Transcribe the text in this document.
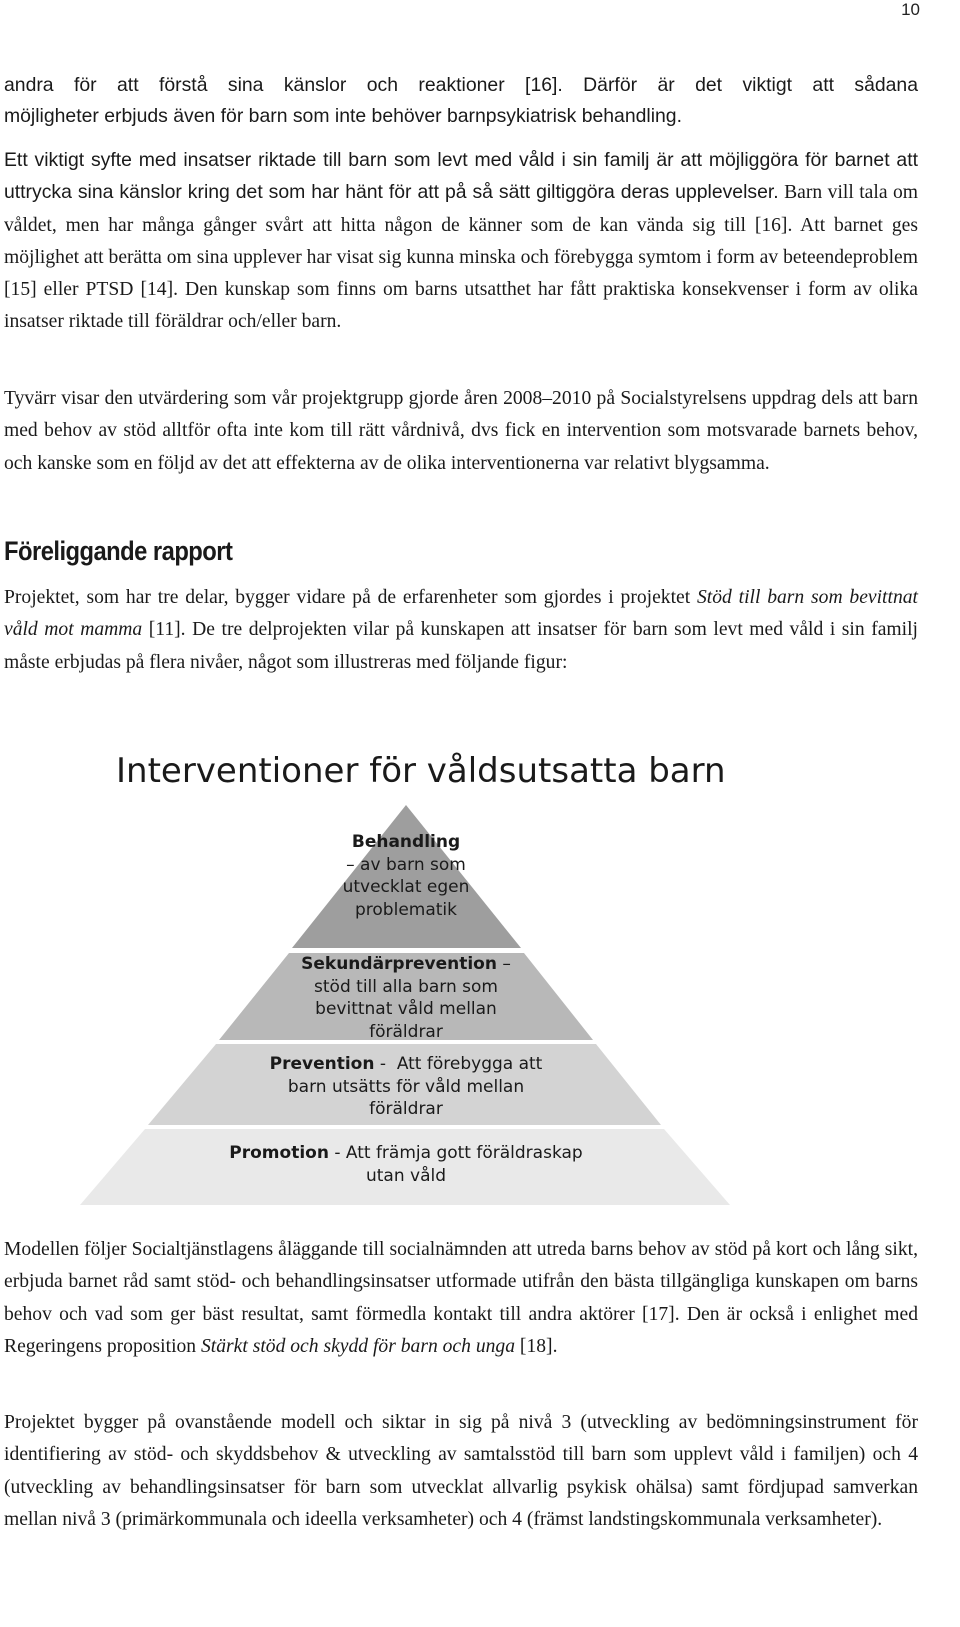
10

andra för att förstå sina känslor och reaktioner [16]. Därför är det viktigt att sådana

möjligheter erbjuds även för barn som inte behöver barnpsykiatrisk behandling.

Ett viktigt syfte med insatser riktade till barn som levt med våld i sin familj är att möjliggöra för barnet att uttrycka sina känslor kring det som har hänt för att på så sätt giltiggöra deras upplevelser. Barn vill tala om våldet, men har många gånger svårt att hitta någon de känner som de kan vända sig till [16]. Att barnet ges möjlighet att berätta om sina upplever har visat sig kunna minska och förebygga symtom i form av beteendeproblem [15] eller PTSD [14]. Den kunskap som finns om barns utsatthet har fått praktiska konsekvenser i form av olika insatser riktade till föräldrar och/eller barn.

Tyvärr visar den utvärdering som vår projektgrupp gjorde åren 2008–2010 på Socialstyrelsens uppdrag dels att barn med behov av stöd alltför ofta inte kom till rätt vårdnivå, dvs fick en intervention som motsvarade barnets behov, och kanske som en följd av det att effekterna av de olika interventionerna var relativt blygsamma.

Föreliggande rapport

Projektet, som har tre delar, bygger vidare på de erfarenheter som gjordes i projektet Stöd till barn som bevittnat våld mot mamma [11]. De tre delprojekten vilar på kunskapen att insatser för barn som levt med våld i sin familj måste erbjudas på flera nivåer, något som illustreras med följande figur:

Interventioner för våldsutsatta barn
Behandling
– av barn som
utvecklat egen
problematik
Sekundärprevention –
stöd till alla barn som
bevittnat våld mellan
föräldrar
Prevention -  Att förebygga att
barn utsätts för våld mellan
föräldrar
Promotion - Att främja gott föräldraskap
utan våld

Modellen följer Socialtjänstlagens åläggande till socialnämnden att utreda barns behov av stöd på kort och lång sikt, erbjuda barnet råd samt stöd- och behandlingsinsatser utformade utifrån den bästa tillgängliga kunskapen om barns behov och vad som ger bäst resultat, samt förmedla kontakt till andra aktörer [17]. Den är också i enlighet med Regeringens proposition Stärkt stöd och skydd för barn och unga [18].

Projektet bygger på ovanstående modell och siktar in sig på nivå 3 (utveckling av bedömningsinstrument för identifiering av stöd- och skyddsbehov & utveckling av samtalsstöd till barn som upplevt våld i familjen) och 4 (utveckling av behandlingsinsatser för barn som utvecklat allvarlig psykisk ohälsa) samt fördjupad samverkan mellan nivå 3 (primärkommunala och ideella verksamheter) och 4 (främst landstingskommunala verksamheter).
